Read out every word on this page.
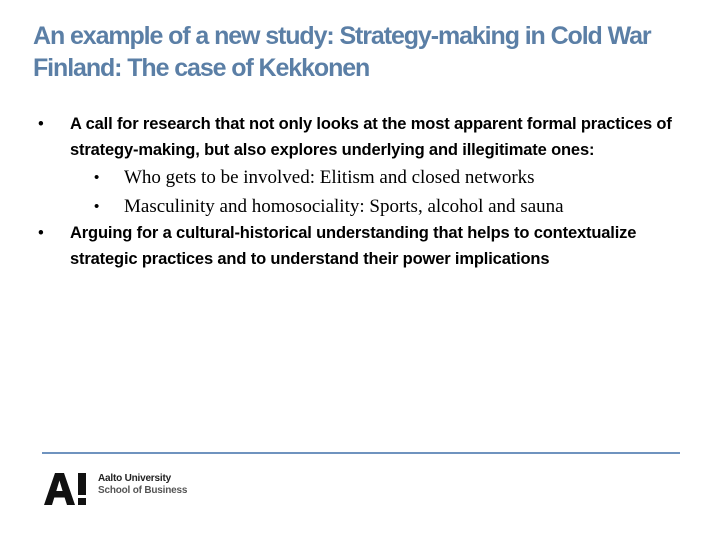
An example of a new study: Strategy-making in Cold War Finland: The case of Kekkonen
• A call for research that not only looks at the most apparent formal practices of strategy-making, but also explores underlying and illegitimate ones:
• Who gets to be involved: Elitism and closed networks
• Masculinity and homosociality: Sports, alcohol and sauna
• Arguing for a cultural-historical understanding that helps to contextualize strategic practices and to understand their power implications
Aalto University
School of Business
